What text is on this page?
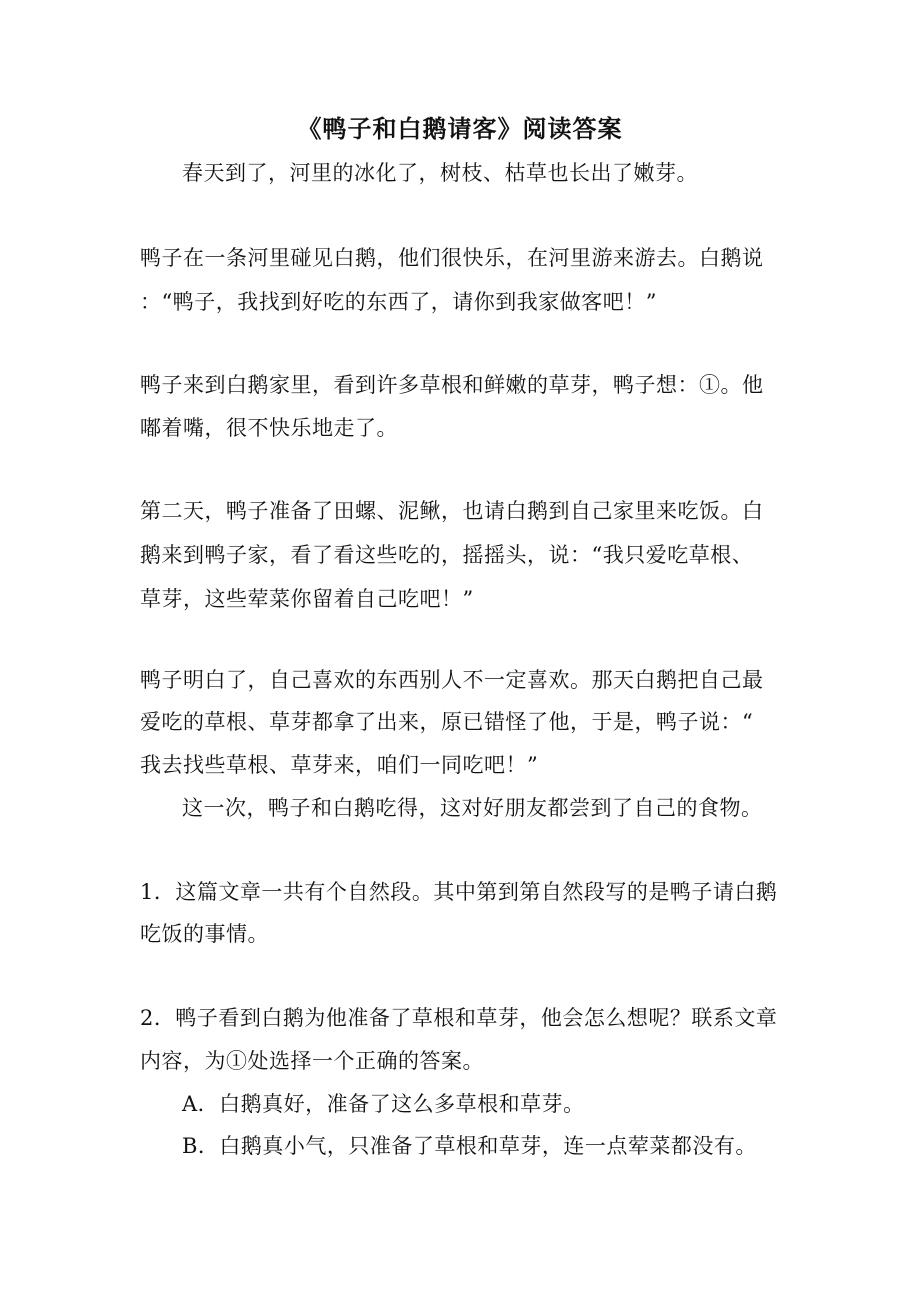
《鸭子和白鹅请客》阅读答案
春天到了，河里的冰化了，树枝、枯草也长出了嫩芽。
鸭子在一条河里碰见白鹅，他们很快乐，在河里游来游去。白鹅说
：“鸭子，我找到好吃的东西了，请你到我家做客吧！”
鸭子来到白鹅家里，看到许多草根和鲜嫩的草芽，鸭子想：①。他
嘟着嘴，很不快乐地走了。
第二天，鸭子准备了田螺、泥鳅，也请白鹅到自己家里来吃饭。白
鹅来到鸭子家，看了看这些吃的，摇摇头，说：“我只爱吃草根、
草芽，这些荤菜你留着自己吃吧！”
鸭子明白了，自己喜欢的东西别人不一定喜欢。那天白鹅把自己最
爱吃的草根、草芽都拿了出来，原已错怪了他，于是，鸭子说：“
我去找些草根、草芽来，咱们一同吃吧！”
这一次，鸭子和白鹅吃得，这对好朋友都尝到了自己的食物。
1．这篇文章一共有个自然段。其中第到第自然段写的是鸭子请白鹅
吃饭的事情。
2．鸭子看到白鹅为他准备了草根和草芽，他会怎么想呢？联系文章
内容，为①处选择一个正确的答案。
A．白鹅真好，准备了这么多草根和草芽。
B．白鹅真小气，只准备了草根和草芽，连一点荤菜都没有。
